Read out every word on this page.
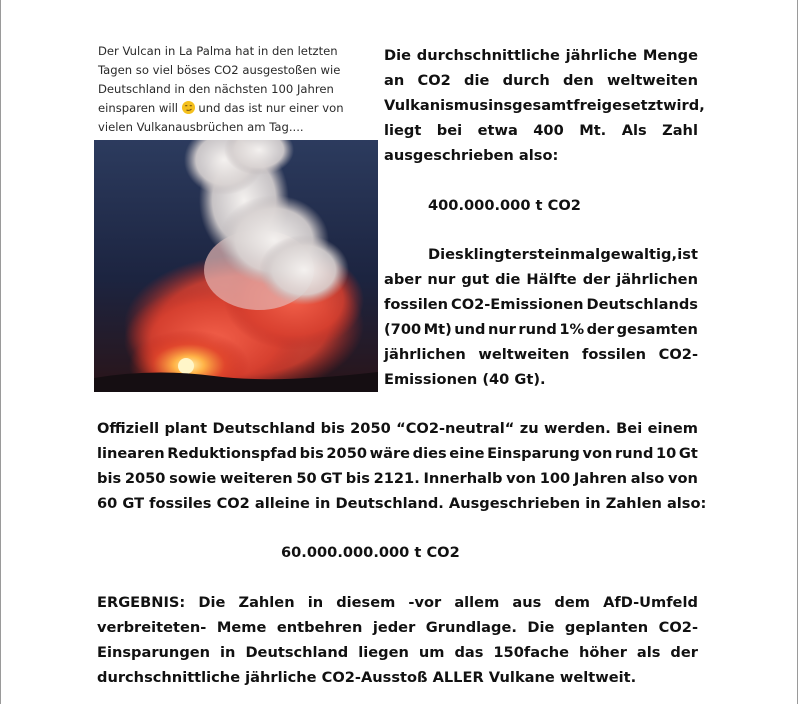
Der Vulcan in La Palma hat in den letzten
Tagen so viel böses CO2 ausgestoßen wie
Deutschland in den nächsten 100 Jahren
einsparen will und das ist nur einer von
vielen Vulkanausbrüchen am Tag....
Die durchschnittliche jährliche Menge
an CO2 die durch den weltweiten
Vulkanismus insgesamt freigesetzt wird,
liegt bei etwa 400 Mt. Als Zahl
ausgeschrieben also:
400.000.000 t CO2
Dies klingt erst einmal gewaltig, ist
aber nur gut die Hälfte der jährlichen
fossilen CO2-Emissionen Deutschlands
(700 Mt) und nur rund 1% der gesamten
jährlichen weltweiten fossilen CO2-
Emissionen (40 Gt).
Offiziell plant Deutschland bis 2050 “CO2-neutral“ zu werden. Bei einem
linearen Reduktionspfad bis 2050 wäre dies eine Einsparung von rund 10 Gt
bis 2050 sowie weiteren 50 GT bis 2121. Innerhalb von 100 Jahren also von
60 GT fossiles CO2 alleine in Deutschland. Ausgeschrieben in Zahlen also:
60.000.000.000 t CO2
ERGEBNIS: Die Zahlen in diesem -vor allem aus dem AfD-Umfeld
verbreiteten- Meme entbehren jeder Grundlage. Die geplanten CO2-
Einsparungen in Deutschland liegen um das 150fache höher als der
durchschnittliche jährliche CO2-Ausstoß ALLER Vulkane weltweit.
